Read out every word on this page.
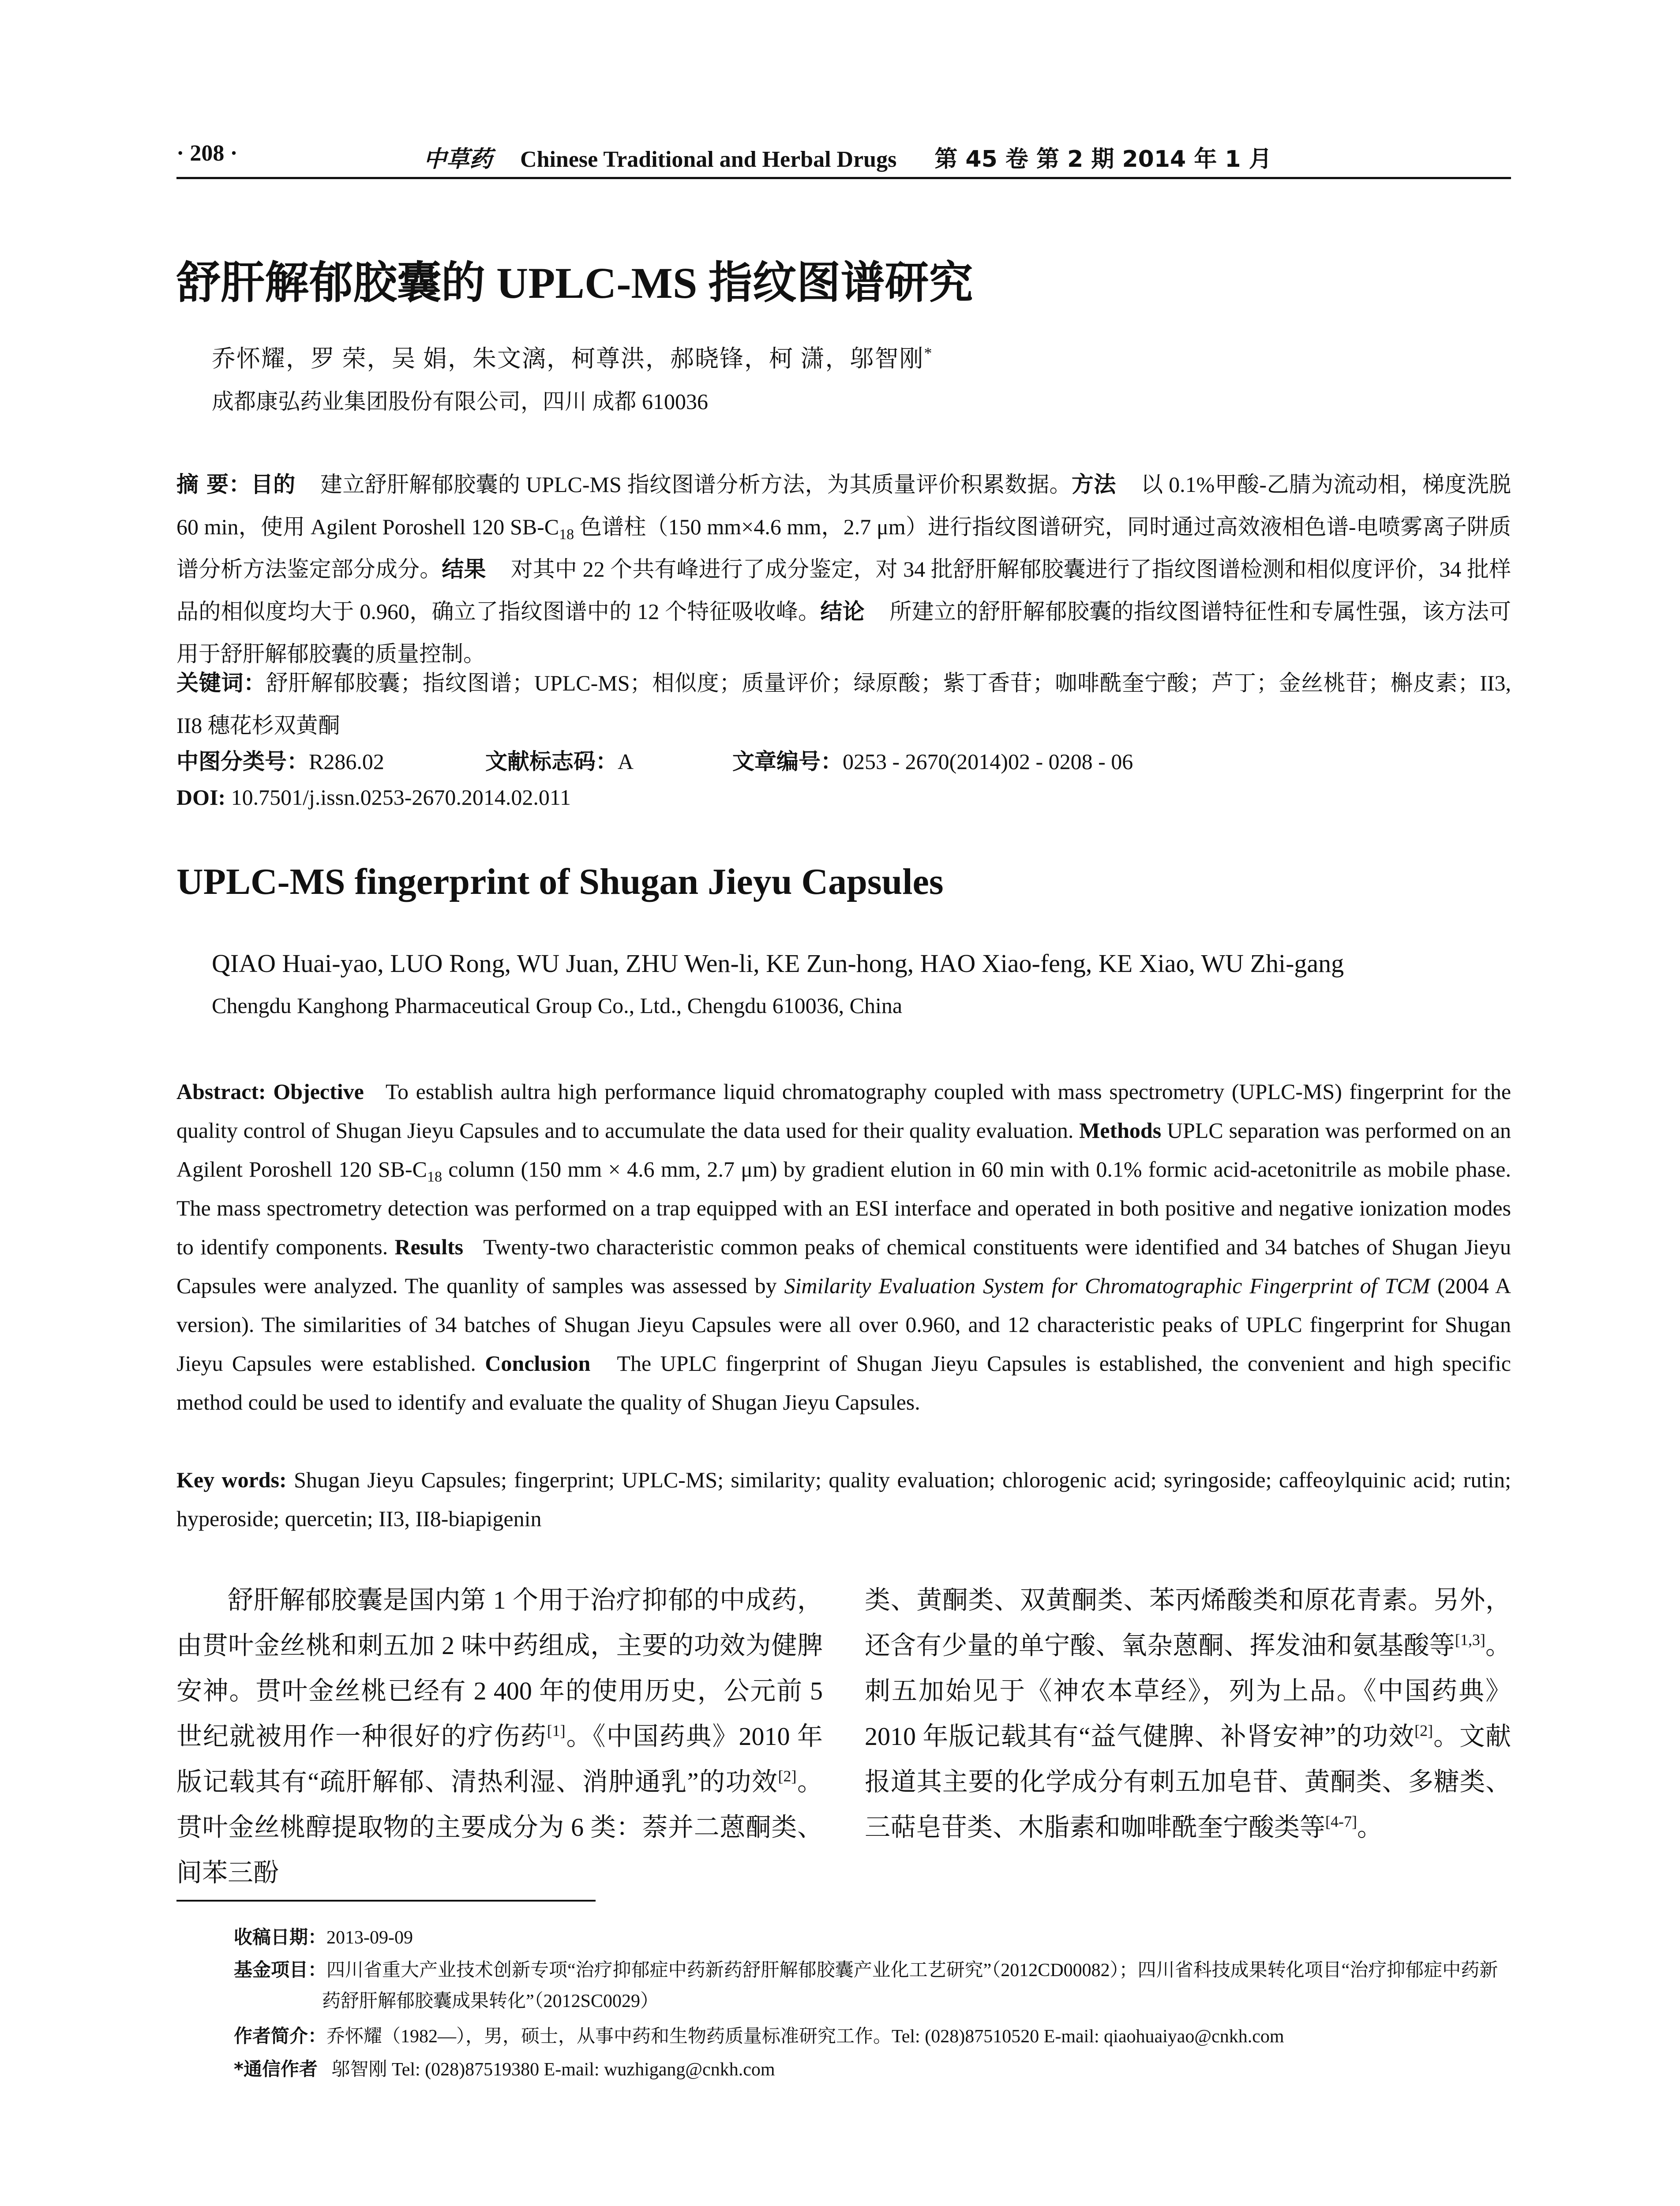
· 208 ·	中草药 Chinese Traditional and Herbal Drugs 第 45 卷 第 2 期 2014 年 1 月
舒肝解郁胶囊的 UPLC-MS 指纹图谱研究
乔怀耀，罗 荣，吴 娟，朱文漓，柯尊洪，郝晓锋，柯 潇，邬智刚*
成都康弘药业集团股份有限公司，四川 成都 610036
摘 要：目的 建立舒肝解郁胶囊的 UPLC-MS 指纹图谱分析方法，为其质量评价积累数据。方法 以 0.1%甲酸-乙腈为流动相，梯度洗脱 60 min，使用 Agilent Poroshell 120 $SB-C_{18}$ 色谱柱（150 mm×4.6 mm，2.7 μm）进行指纹图谱研究，同时通过高效液相色谱-电喷雾离子阱质谱分析方法鉴定部分成分。结果 对其中 22 个共有峰进行了成分鉴定，对 34 批舒肝解郁胶囊进行了指纹图谱检测和相似度评价，34 批样品的相似度均大于 0.960，确立了指纹图谱中的 12 个特征吸收峰。结论 所建立的舒肝解郁胶囊的指纹图谱特征性和专属性强，该方法可用于舒肝解郁胶囊的质量控制。
关键词：舒肝解郁胶囊；指纹图谱；UPLC-MS；相似度；质量评价；绿原酸；紫丁香苷；咖啡酰奎宁酸；芦丁；金丝桃苷；槲皮素；II3, II8 穗花杉双黄酮
中图分类号：R286.02	文献标志码：A	文章编号：0253 - 2670(2014)02 - 0208 - 06
DOI: 10.7501/j.issn.0253-2670.2014.02.011
UPLC-MS fingerprint of Shugan Jieyu Capsules
QIAO Huai-yao, LUO Rong, WU Juan, ZHU Wen-li, KE Zun-hong, HAO Xiao-feng, KE Xiao, WU Zhi-gang
Chengdu Kanghong Pharmaceutical Group Co., Ltd., Chengdu 610036, China
Abstract: Objective To establish aultra high performance liquid chromatography coupled with mass spectrometry (UPLC-MS) fingerprint for the quality control of Shugan Jieyu Capsules and to accumulate the data used for their quality evaluation. Methods UPLC separation was performed on an Agilent Poroshell 120 $SB-C_{18}$ column (150 mm × 4.6 mm, 2.7 μm) by gradient elution in 60 min with 0.1% formic acid-acetonitrile as mobile phase. The mass spectrometry detection was performed on a trap equipped with an ESI interface and operated in both positive and negative ionization modes to identify components. Results Twenty-two characteristic common peaks of chemical constituents were identified and 34 batches of Shugan Jieyu Capsules were analyzed. The quanlity of samples was assessed by Similarity Evaluation System for Chromatographic Fingerprint of TCM (2004 A version). The similarities of 34 batches of Shugan Jieyu Capsules were all over 0.960, and 12 characteristic peaks of UPLC fingerprint for Shugan Jieyu Capsules were established. Conclusion The UPLC fingerprint of Shugan Jieyu Capsules is established, the convenient and high specific method could be used to identify and evaluate the quality of Shugan Jieyu Capsules.
Key words: Shugan Jieyu Capsules; fingerprint; UPLC-MS; similarity; quality evaluation; chlorogenic acid; syringoside; caffeoylquinic acid; rutin; hyperoside; quercetin; II3, II8-biapigenin
舒肝解郁胶囊是国内第 1 个用于治疗抑郁的中成药，由贯叶金丝桃和刺五加 2 味中药组成，主要的功效为健脾安神。贯叶金丝桃已经有 2 400 年的使用历史，公元前 5 世纪就被用作一种很好的疗伤药[1]。《中国药典》2010 年版记载其有“疏肝解郁、清热利湿、消肿通乳”的功效[2]。贯叶金丝桃醇提取物的主要成分为 6 类：萘并二蒽酮类、间苯三酚
类、黄酮类、双黄酮类、苯丙烯酸类和原花青素。另外，还含有少量的单宁酸、氧杂蒽酮、挥发油和氨基酸等[1,3]。刺五加始见于《神农本草经》，列为上品。《中国药典》2010 年版记载其有“益气健脾、补肾安神”的功效[2]。文献报道其主要的化学成分有刺五加皂苷、黄酮类、多糖类、三萜皂苷类、木脂素和咖啡酰奎宁酸类等[4-7]。
收稿日期：2013-09-09
基金项目：四川省重大产业技术创新专项“治疗抑郁症中药新药舒肝解郁胶囊产业化工艺研究”（2012CD00082）；四川省科技成果转化项目“治疗抑郁症中药新药舒肝解郁胶囊成果转化”（2012SC0029）
作者简介：乔怀耀（1982—），男，硕士，从事中药和生物药质量标准研究工作。Tel: (028)87510520 E-mail: qiaohuaiyao@cnkh.com
*通信作者 邬智刚 Tel: (028)87519380 E-mail: wuzhigang@cnkh.com
